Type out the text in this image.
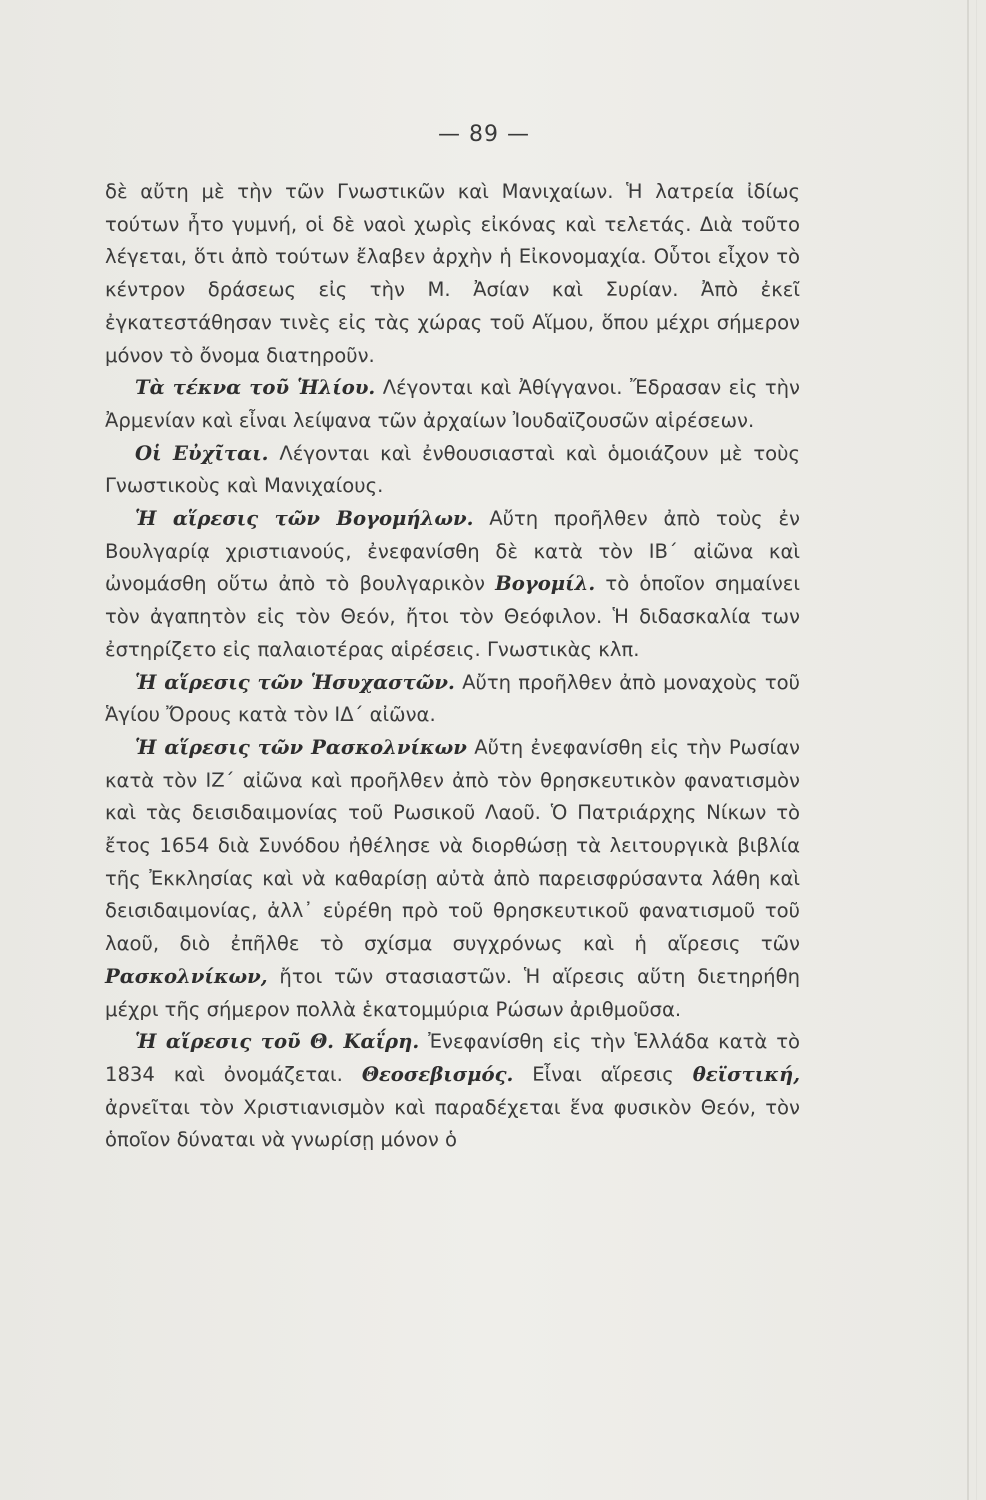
— 89 —

δὲ αὔτη μὲ τὴν τῶν Γνωστικῶν καὶ Μανιχαίων. Ἡ λατρεία ἰδίως τούτων ἦτο γυμνή, οἱ δὲ ναοὶ χωρὶς εἰκόνας καὶ τελετάς. Διὰ τοῦτο λέγεται, ὅτι ἀπὸ τούτων ἔλαβεν ἀρχὴν ἡ Εἰκονομαχία. Οὗτοι εἶχον τὸ κέντρον δράσεως εἰς τὴν Μ. Ἀσίαν καὶ Συρίαν. Ἀπὸ ἐκεῖ ἐγκατεστάθησαν τινὲς εἰς τὰς χώρας τοῦ Αἵμου, ὅπου μέχρι σήμερον μόνον τὸ ὄνομα διατηροῦν.

Τὰ τέκνα τοῦ Ἡλίου. Λέγονται καὶ Ἀθίγγανοι. Ἔδρασαν εἰς τὴν Ἀρμενίαν καὶ εἶναι λείψανα τῶν ἀρχαίων Ἰουδαϊζουσῶν αἱρέσεων.

Οἱ Εὐχῖται. Λέγονται καὶ ἐνθουσιασταὶ καὶ ὁμοιάζουν μὲ τοὺς Γνωστικοὺς καὶ Μανιχαίους.

Ἡ αἵρεσις τῶν Βογομήλων. Αὔτη προῆλθεν ἀπὸ τοὺς ἐν Βουλγαρίᾳ χριστιανούς, ἐνεφανίσθη δὲ κατὰ τὸν ΙΒ΄ αἰῶνα καὶ ὠνομάσθη οὕτω ἀπὸ τὸ βουλγαρικὸν Βογομίλ. τὸ ὁποῖον σημαίνει τὸν ἀγαπητὸν εἰς τὸν Θεόν, ἤτοι τὸν Θεόφιλον. Ἡ διδασκαλία των ἐστηρίζετο εἰς παλαιοτέρας αἱρέσεις. Γνωστικὰς κλπ.

Ἡ αἵρεσις τῶν Ἡσυχαστῶν. Αὔτη προῆλθεν ἀπὸ μοναχοὺς τοῦ Ἁγίου Ὄρους κατὰ τὸν ΙΔ΄ αἰῶνα.

Ἡ αἵρεσις τῶν Ρασκολνίκων Αὔτη ἐνεφανίσθη εἰς τὴν Ρωσίαν κατὰ τὸν ΙΖ΄ αἰῶνα καὶ προῆλθεν ἀπὸ τὸν θρησκευτικὸν φανατισμὸν καὶ τὰς δεισιδαιμονίας τοῦ Ρωσικοῦ Λαοῦ. Ὁ Πατριάρχης Νίκων τὸ ἔτος 1654 διὰ Συνόδου ἠθέλησε νὰ διορθώσῃ τὰ λειτουργικὰ βιβλία τῆς Ἐκκλησίας καὶ νὰ καθαρίσῃ αὐτὰ ἀπὸ παρεισφρύσαντα λάθη καὶ δεισιδαιμονίας, ἀλλ᾽ εὑρέθη πρὸ τοῦ θρησκευτικοῦ φανατισμοῦ τοῦ λαοῦ, διὸ ἐπῆλθε τὸ σχίσμα συγχρόνως καὶ ἡ αἵρεσις τῶν Ρασκολνίκων, ἤτοι τῶν στασιαστῶν. Ἡ αἵρεσις αὕτη διετηρήθη μέχρι τῆς σήμερον πολλὰ ἑκατομμύρια Ρώσων ἀριθμοῦσα.

Ἡ αἵρεσις τοῦ Θ. Καΐρη. Ἐνεφανίσθη εἰς τὴν Ἑλλάδα κατὰ τὸ 1834 καὶ ὀνομάζεται. Θεοσεβισμός. Εἶναι αἵρεσις θεϊστική, ἀρνεῖται τὸν Χριστιανισμὸν καὶ παραδέχεται ἕνα φυσικὸν Θεόν, τὸν ὁποῖον δύναται νὰ γνωρίσῃ μόνον ὁ
